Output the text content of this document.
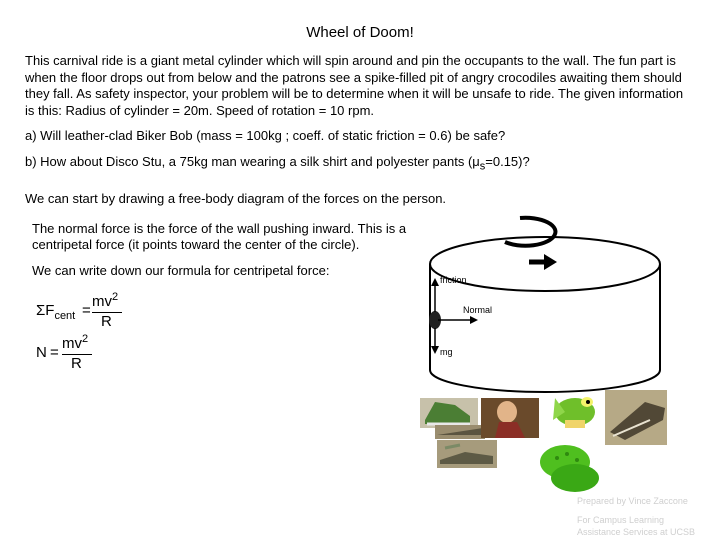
Wheel of Doom!
This carnival ride is a giant metal cylinder which will spin around and pin the occupants to the wall. The fun part is when the floor drops out from below and the patrons see a spike-filled pit of angry crocodiles awaiting them should they fall. As safety inspector, your problem will be to determine when it will be unsafe to ride. The given information is this: Radius of cylinder = 20m. Speed of rotation = 10 rpm.
a) Will leather-clad Biker Bob (mass = 100kg ; coeff. of static friction = 0.6) be safe?
b) How about Disco Stu, a 75kg man wearing a silk shirt and polyester pants $(\mu_s=0.15)$?
We can start by drawing a free-body diagram of the forces on the person.
The normal force is the force of the wall pushing inward. This is a centripetal force (it points toward the center of the circle).
We can write down our formula for centripetal force:
$\Sigma F_{cent}$ =
$mv^2$
R
N =
$mv^2$
R
friction
Normal
mg
Prepared by Vince Zaccone
For Campus Learning
Assistance Services at UCSB
